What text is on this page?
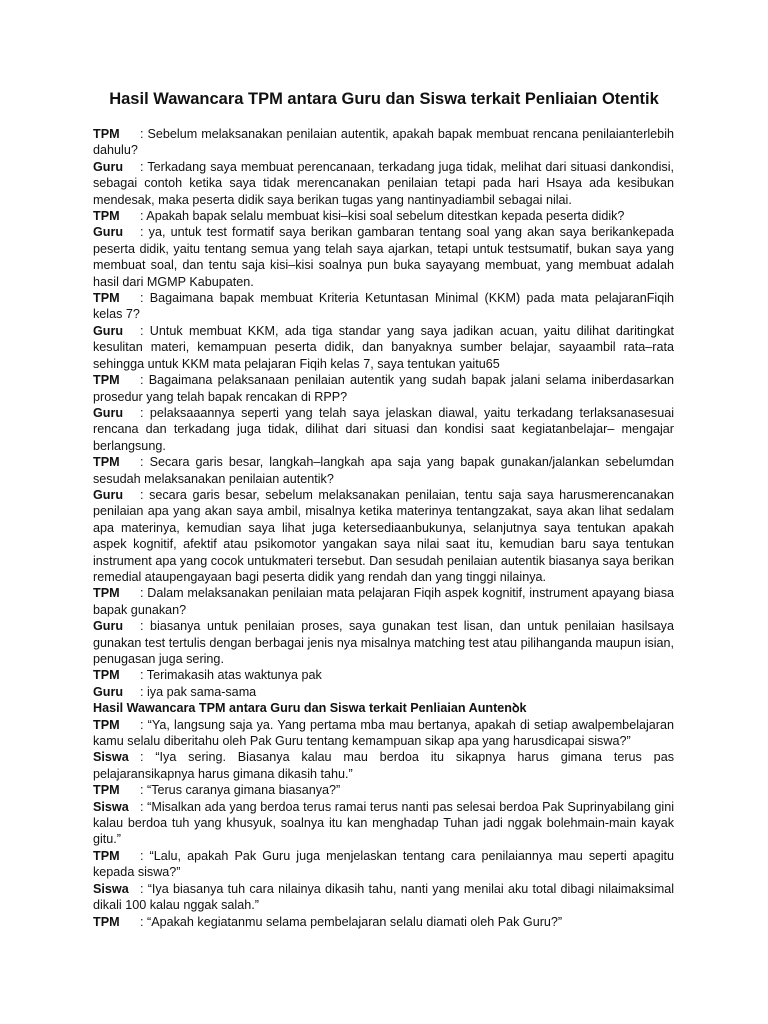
Hasil Wawancara TPM antara Guru dan Siswa terkait Penliaian Otentik

TPM : Sebelum melaksanakan penilaian autentik, apakah bapak membuat rencana penilaianterlebih dahulu?

Guru : Terkadang saya membuat perencanaan, terkadang juga tidak, melihat dari situasi dankondisi, sebagai contoh ketika saya tidak merencanakan penilaian tetapi pada hari Hsaya ada kesibukan mendesak, maka peserta didik saya berikan tugas yang nantinyadiambil sebagai nilai.

TPM : Apakah bapak selalu membuat kisi–kisi soal sebelum ditestkan kepada peserta didik?

Guru : ya, untuk test formatif saya berikan gambaran tentang soal yang akan saya berikankepada peserta didik, yaitu tentang semua yang telah saya ajarkan, tetapi untuk testsumatif, bukan saya yang membuat soal, dan tentu saja kisi–kisi soalnya pun buka sayayang membuat, yang membuat adalah hasil dari MGMP Kabupaten.

TPM : Bagaimana bapak membuat Kriteria Ketuntasan Minimal (KKM) pada mata pelajaranFiqih kelas 7?

Guru : Untuk membuat KKM, ada tiga standar yang saya jadikan acuan, yaitu dilihat daritingkat kesulitan materi, kemampuan peserta didik, dan banyaknya sumber belajar, sayaambil rata–rata sehingga untuk KKM mata pelajaran Fiqih kelas 7, saya tentukan yaitu65

TPM : Bagaimana pelaksanaan penilaian autentik yang sudah bapak jalani selama iniberdasarkan prosedur yang telah bapak rencakan di RPP?

Guru : pelaksaaannya seperti yang telah saya jelaskan diawal, yaitu terkadang terlaksanasesuai rencana dan terkadang juga tidak, dilihat dari situasi dan kondisi saat kegiatanbelajar– mengajar berlangsung.

TPM : Secara garis besar, langkah–langkah apa saja yang bapak gunakan/jalankan sebelumdan sesudah melaksanakan penilaian autentik?

Guru : secara garis besar, sebelum melaksanakan penilaian, tentu saja saya harusmerencanakan penilaian apa yang akan saya ambil, misalnya ketika materinya tentangzakat, saya akan lihat sedalam apa materinya, kemudian saya lihat juga ketersediaanbukunya, selanjutnya saya tentukan apakah aspek kognitif, afektif atau psikomotor yangakan saya nilai saat itu, kemudian baru saya tentukan instrument apa yang cocok untukmateri tersebut. Dan sesudah penilaian autentik biasanya saya berikan remedial ataupengayaan bagi peserta didik yang rendah dan yang tinggi nilainya.

TPM : Dalam melaksanakan penilaian mata pelajaran Fiqih aspek kognitif, instrument apayang biasa bapak gunakan?

Guru : biasanya untuk penilaian proses, saya gunakan test lisan, dan untuk penilaian hasilsaya gunakan test tertulis dengan berbagai jenis nya misalnya matching test atau pilihanganda maupun isian, penugasan juga sering.

TPM : Terimakasih atas waktunya pak

Guru : iya pak sama-sama

Hasil Wawancara TPM antara Guru dan Siswa terkait Penliaian Auntenꝺk

TPM : “Ya, langsung saja ya. Yang pertama mba mau bertanya, apakah di setiap awalpembelajaran kamu selalu diberitahu oleh Pak Guru tentang kemampuan sikap apa yang harusdicapai siswa?”

Siswa : “Iya sering. Biasanya kalau mau berdoa itu sikapnya harus gimana terus pas pelajaransikapnya harus gimana dikasih tahu.”

TPM : “Terus caranya gimana biasanya?”

Siswa : “Misalkan ada yang berdoa terus ramai terus nanti pas selesai berdoa Pak Suprinyabilang gini kalau berdoa tuh yang khusyuk, soalnya itu kan menghadap Tuhan jadi nggak bolehmain-main kayak gitu.”

TPM : “Lalu, apakah Pak Guru juga menjelaskan tentang cara penilaiannya mau seperti apagitu kepada siswa?”

Siswa : “Iya biasanya tuh cara nilainya dikasih tahu, nanti yang menilai aku total dibagi nilaimaksimal dikali 100 kalau nggak salah.”

TPM : “Apakah kegiatanmu selama pembelajaran selalu diamati oleh Pak Guru?”
